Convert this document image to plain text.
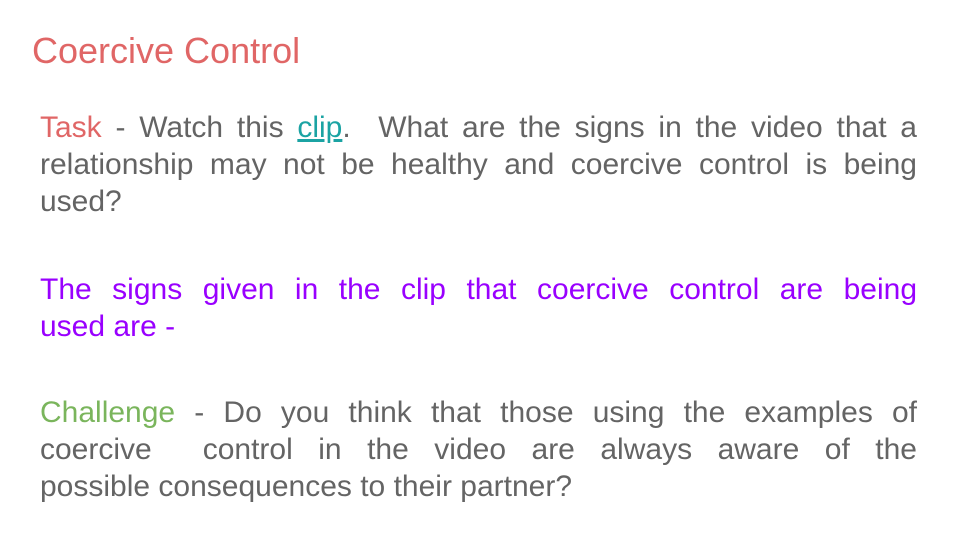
Coercive Control
Task - Watch this clip.  What are the signs in the video that a
relationship may not be healthy and coercive control is being
used?
The signs given in the clip that coercive control are being
used are -
Challenge - Do you think that those using the examples of
coercive  control in the video are always aware of the
possible consequences to their partner?
